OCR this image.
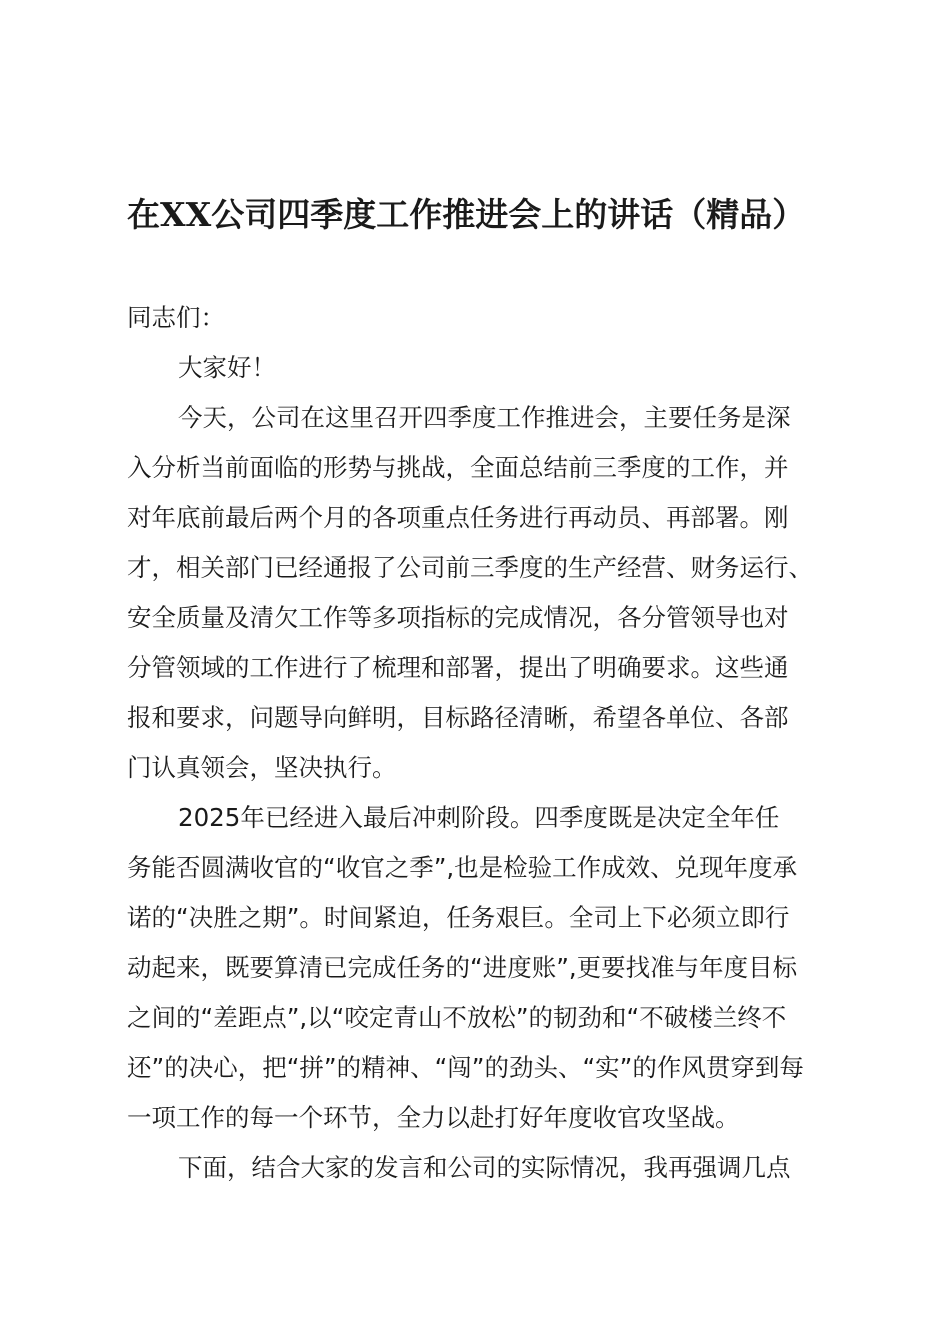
在XX公司四季度工作推进会上的讲话（精品）

同志们：

大家好！

今天，公司在这里召开四季度工作推进会，主要任务是深
入分析当前面临的形势与挑战，全面总结前三季度的工作，并
对年底前最后两个月的各项重点任务进行再动员、再部署。刚
才，相关部门已经通报了公司前三季度的生产经营、财务运行、
安全质量及清欠工作等多项指标的完成情况，各分管领导也对
分管领域的工作进行了梳理和部署，提出了明确要求。这些通
报和要求，问题导向鲜明，目标路径清晰，希望各单位、各部
门认真领会，坚决执行。

2025年已经进入最后冲刺阶段。四季度既是决定全年任
务能否圆满收官的“收官之季”,也是检验工作成效、兑现年度承
诺的“决胜之期”。时间紧迫，任务艰巨。全司上下必须立即行
动起来，既要算清已完成任务的“进度账”,更要找准与年度目标
之间的“差距点”,以“咬定青山不放松”的韧劲和“不破楼兰终不
还”的决心，把“拼”的精神、“闯”的劲头、“实”的作风贯穿到每
一项工作的每一个环节，全力以赴打好年度收官攻坚战。

下面，结合大家的发言和公司的实际情况，我再强调几点
